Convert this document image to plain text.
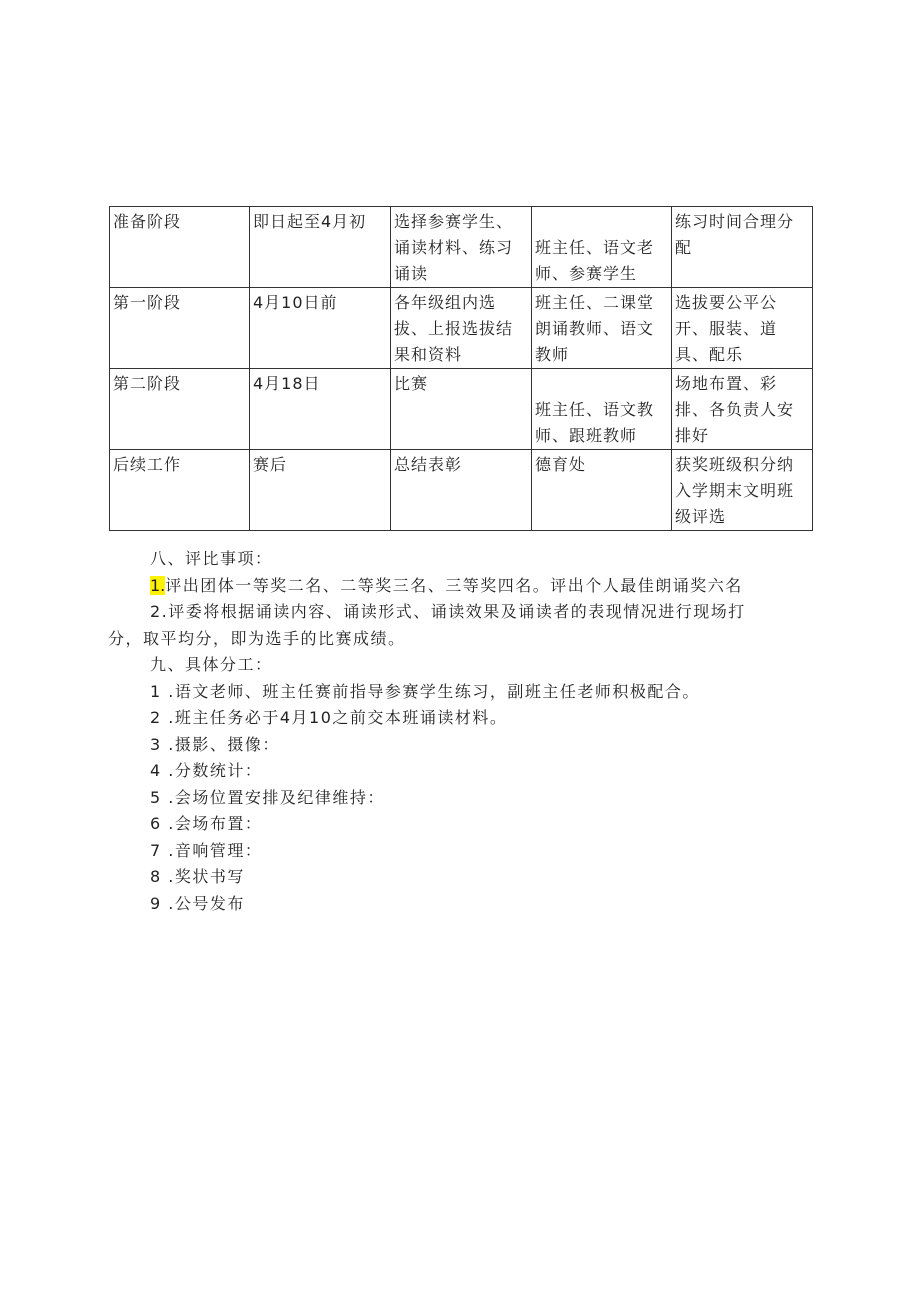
准备阶段	即日起至4月初	选择参赛学生、诵读材料、练习诵读	班主任、语文老师、参赛学生	练习时间合理分配
第一阶段	4月10日前	各年级组内选拔、上报选拔结果和资料	班主任、二课堂朗诵教师、语文教师	选拔要公平公开、服装、道具、配乐
第二阶段	4月18日	比赛	班主任、语文教师、跟班教师	场地布置、彩排、各负责人安排好
后续工作	赛后	总结表彰	德育处	获奖班级积分纳入学期末文明班级评选

八、评比事项：

1.评出团体一等奖二名、二等奖三名、三等奖四名。评出个人最佳朗诵奖六名

2.评委将根据诵读内容、诵读形式、诵读效果及诵读者的表现情况进行现场打

分，取平均分，即为选手的比赛成绩。

九、具体分工：

1 .语文老师、班主任赛前指导参赛学生练习，副班主任老师积极配合。

2 .班主任务必于4月10之前交本班诵读材料。

3 .摄影、摄像：

4 .分数统计：

5 .会场位置安排及纪律维持：

6 .会场布置：

7 .音响管理：

8 .奖状书写

9 .公号发布
